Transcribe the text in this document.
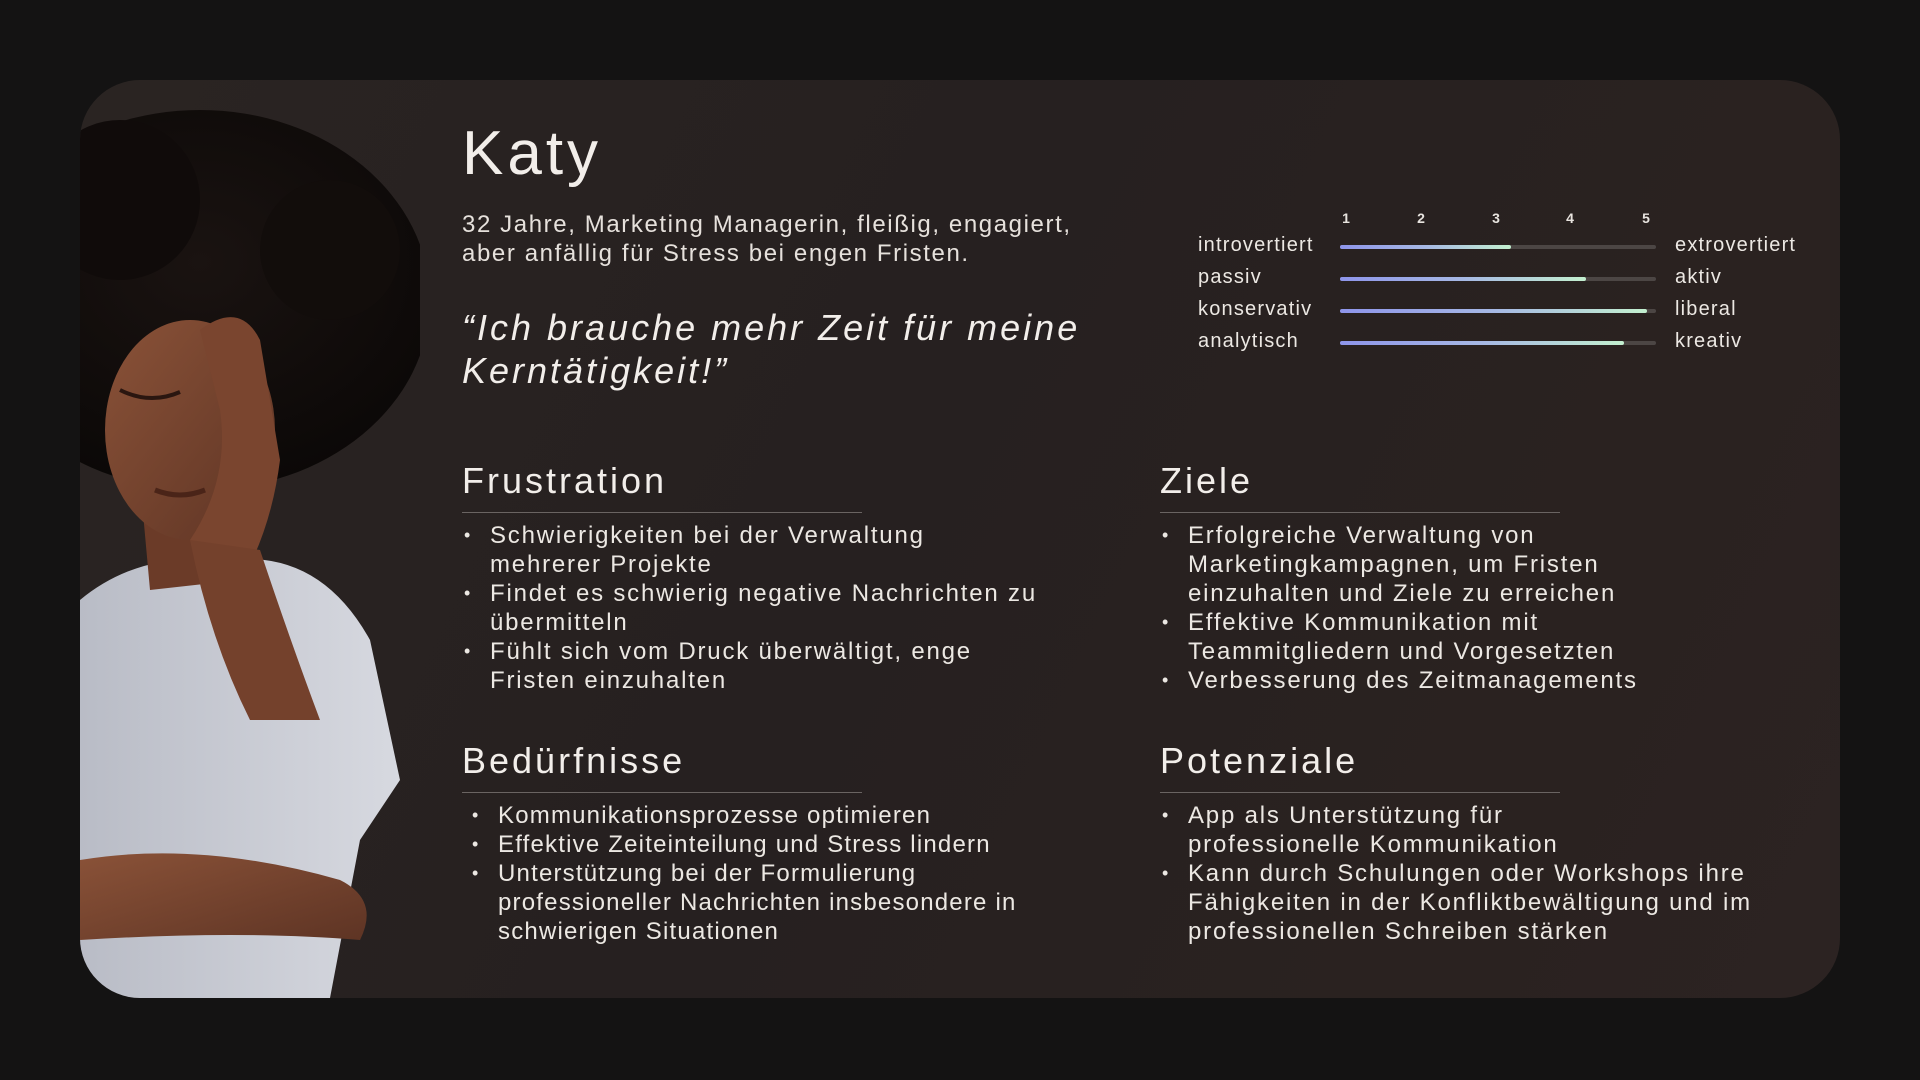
Katy

32 Jahre, Marketing Managerin, fleißig, engagiert, aber anfällig für Stress bei engen Fristen.

“Ich brauche mehr Zeit für meine Kerntätigkeit!”

1	2	3	4	5
introvertiert	extrovertiert
passiv	aktiv
konservativ	liberal
analytisch	kreativ
Frustration
• Schwierigkeiten bei der Verwaltung mehrerer Projekte
• Findet es schwierig negative Nachrichten zu übermitteln
• Fühlt sich vom Druck überwältigt, enge Fristen einzuhalten
Ziele
• Erfolgreiche Verwaltung von Marketingkampagnen, um Fristen einzuhalten und Ziele zu erreichen
• Effektive Kommunikation mit Teammitgliedern und Vorgesetzten
• Verbesserung des Zeitmanagements
Bedürfnisse
• Kommunikationsprozesse optimieren
• Effektive Zeiteinteilung und Stress lindern
• Unterstützung bei der Formulierung professioneller Nachrichten insbesondere in schwierigen Situationen
Potenziale
• App als Unterstützung für professionelle Kommunikation
• Kann durch Schulungen oder Workshops ihre Fähigkeiten in der Konfliktbewältigung und im professionellen Schreiben stärken
